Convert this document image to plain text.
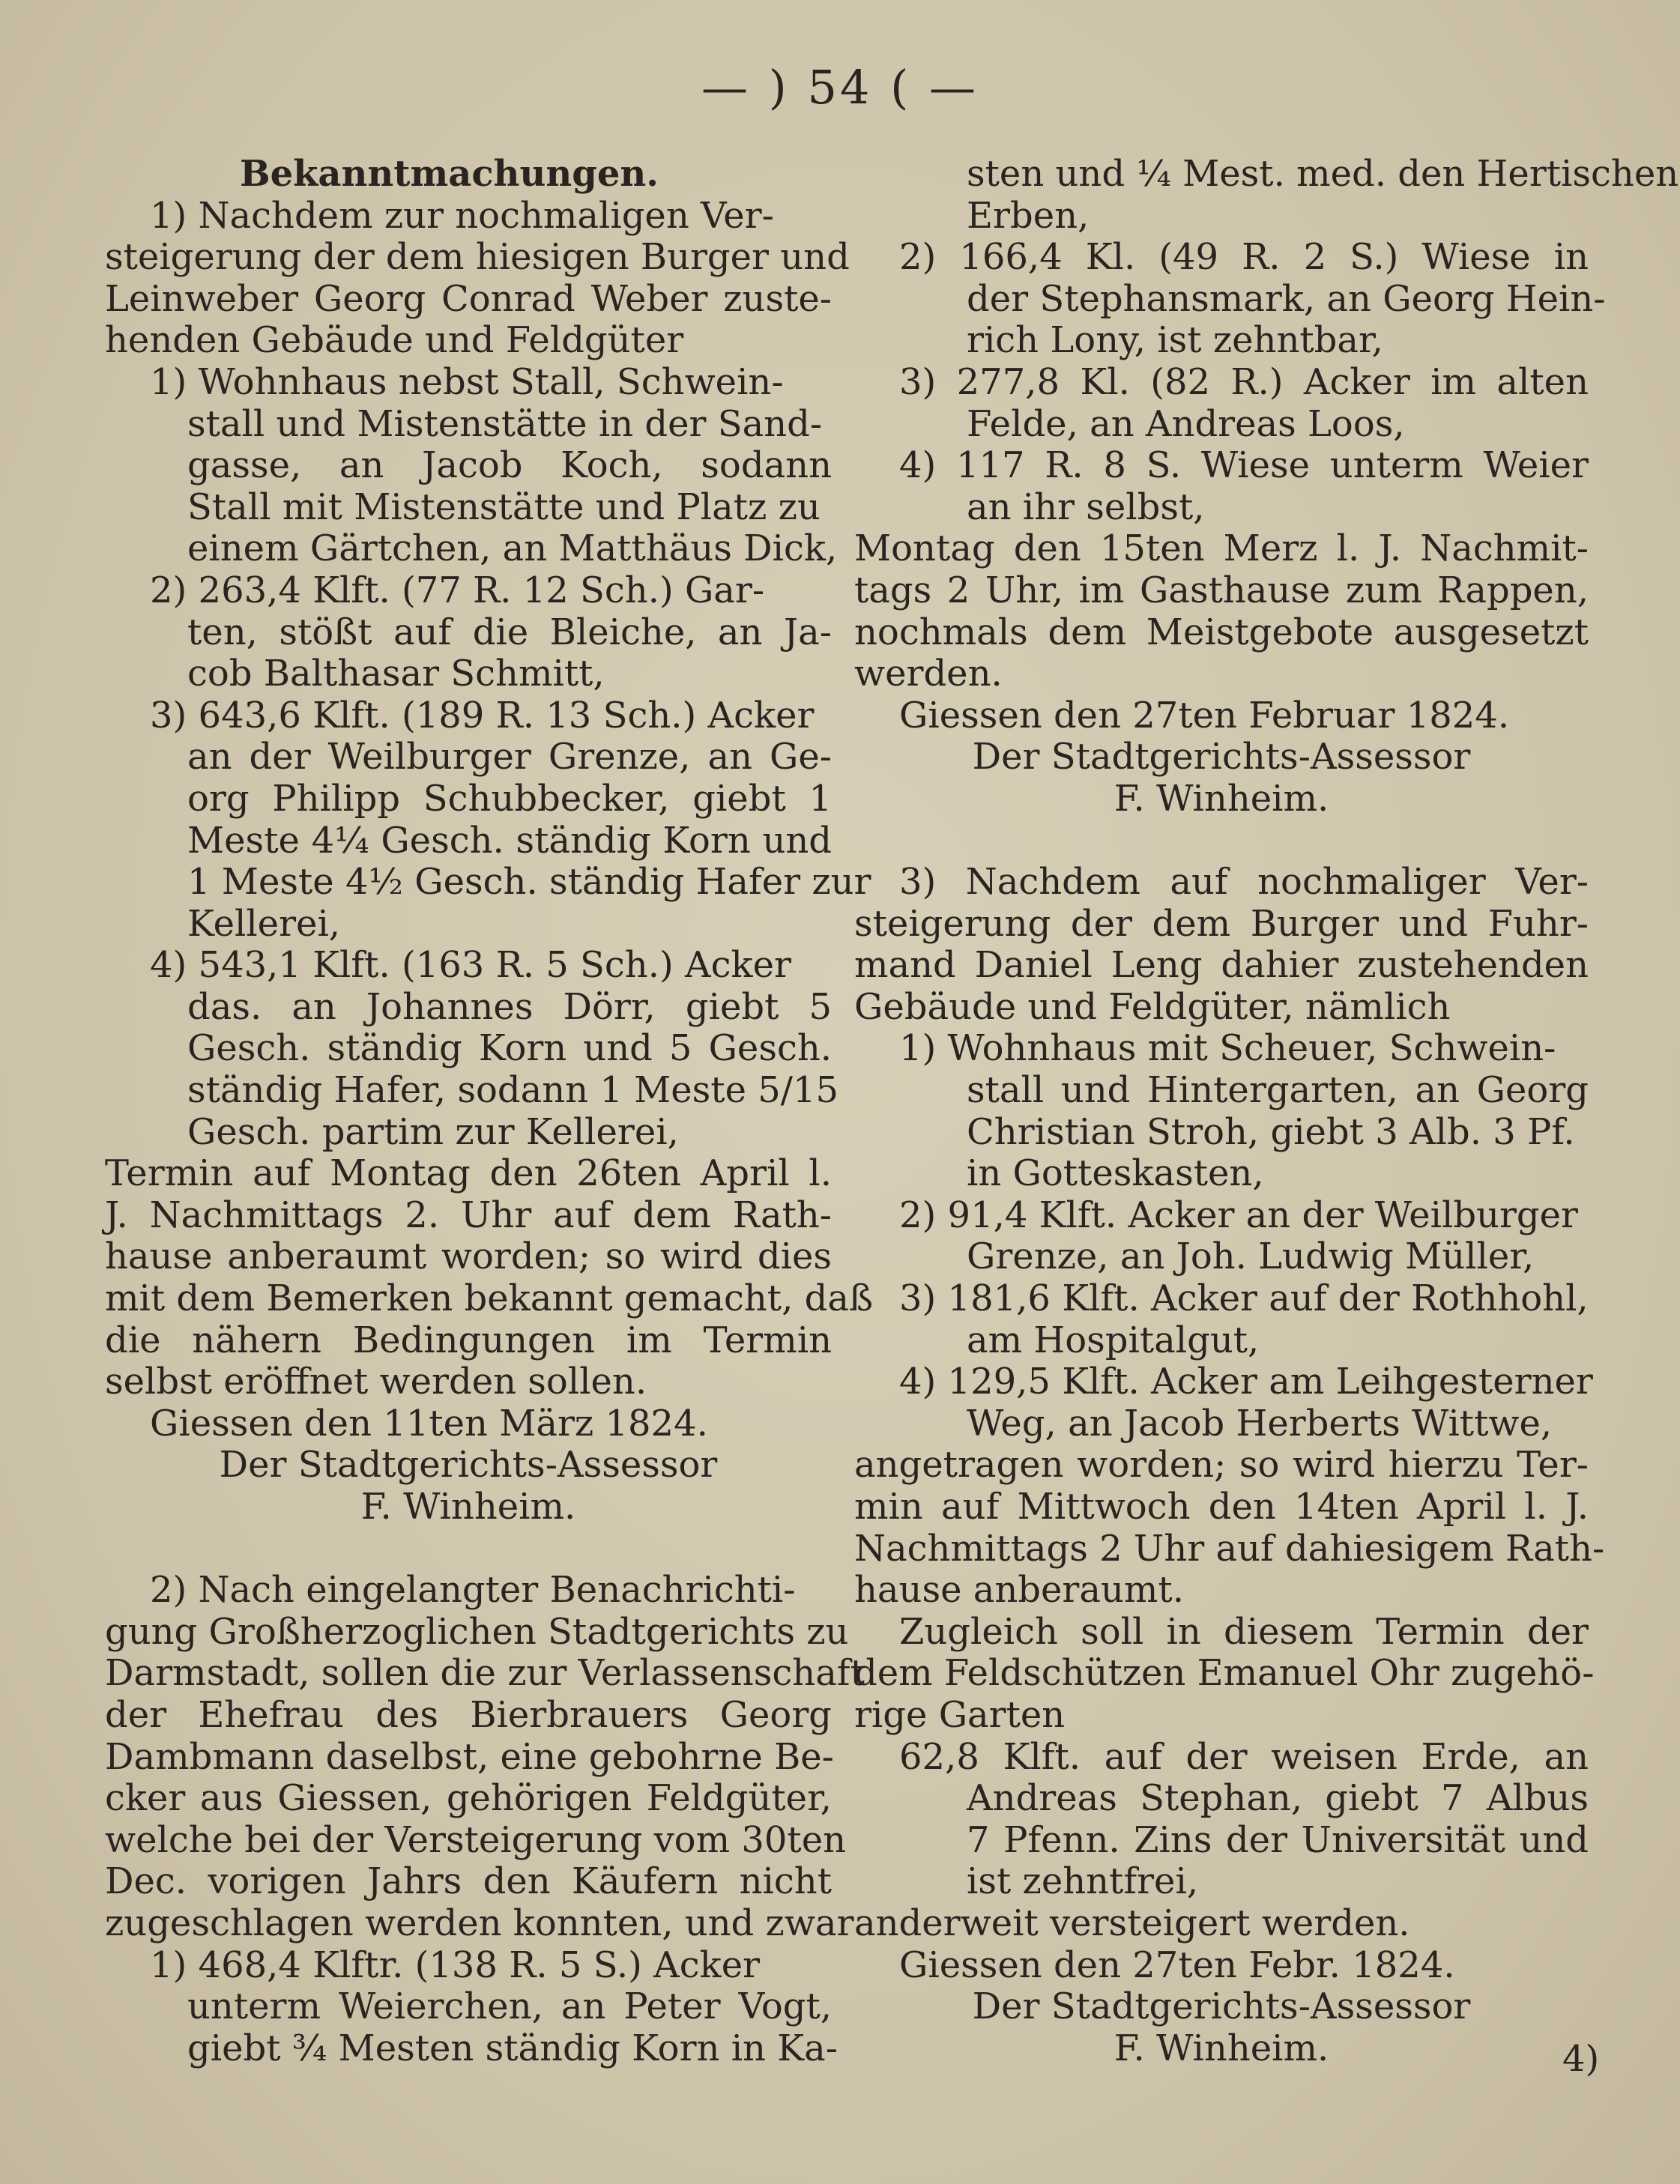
— ) 54 ( —
Bekanntmachungen.
1) Nachdem zur nochmaligen Ver-
steigerung der dem hiesigen Burger und
Leinweber Georg Conrad Weber zuste-
henden Gebäude und Feldgüter
1) Wohnhaus nebst Stall, Schwein-
stall und Mistenstätte in der Sand-
gasse, an Jacob Koch, sodann
Stall mit Mistenstätte und Platz zu
einem Gärtchen, an Matthäus Dick,
2) 263,4 Klft. (77 R. 12 Sch.) Gar-
ten, stößt auf die Bleiche, an Ja-
cob Balthasar Schmitt,
3) 643,6 Klft. (189 R. 13 Sch.) Acker
an der Weilburger Grenze, an Ge-
org Philipp Schubbecker, giebt 1
Meste 4¼ Gesch. ständig Korn und
1 Meste 4½ Gesch. ständig Hafer zur
Kellerei,
4) 543,1 Klft. (163 R. 5 Sch.) Acker
das. an Johannes Dörr, giebt 5
Gesch. ständig Korn und 5 Gesch.
ständig Hafer, sodann 1 Meste 5/15
Gesch. partim zur Kellerei,
Termin auf Montag den 26ten April l.
J. Nachmittags 2. Uhr auf dem Rath-
hause anberaumt worden; so wird dies
mit dem Bemerken bekannt gemacht, daß
die nähern Bedingungen im Termin
selbst eröffnet werden sollen.
Giessen den 11ten März 1824.
Der Stadtgerichts-Assessor
F. Winheim.
2) Nach eingelangter Benachrichti-
gung Großherzoglichen Stadtgerichts zu
Darmstadt, sollen die zur Verlassenschaft
der Ehefrau des Bierbrauers Georg
Dambmann daselbst, eine gebohrne Be-
cker aus Giessen, gehörigen Feldgüter,
welche bei der Versteigerung vom 30ten
Dec. vorigen Jahrs den Käufern nicht
zugeschlagen werden konnten, und zwar
1) 468,4 Klftr. (138 R. 5 S.) Acker
unterm Weierchen, an Peter Vogt,
giebt ¾ Mesten ständig Korn in Ka-
sten und ¼ Mest. med. den Hertischen
Erben,
2) 166,4 Kl. (49 R. 2 S.) Wiese in
der Stephansmark, an Georg Hein-
rich Lony, ist zehntbar,
3) 277,8 Kl. (82 R.) Acker im alten
Felde, an Andreas Loos,
4) 117 R. 8 S. Wiese unterm Weier
an ihr selbst,
Montag den 15ten Merz l. J. Nachmit-
tags 2 Uhr, im Gasthause zum Rappen,
nochmals dem Meistgebote ausgesetzt
werden.
Giessen den 27ten Februar 1824.
Der Stadtgerichts-Assessor
F. Winheim.
3) Nachdem auf nochmaliger Ver-
steigerung der dem Burger und Fuhr-
mand Daniel Leng dahier zustehenden
Gebäude und Feldgüter, nämlich
1) Wohnhaus mit Scheuer, Schwein-
stall und Hintergarten, an Georg
Christian Stroh, giebt 3 Alb. 3 Pf.
in Gotteskasten,
2) 91,4 Klft. Acker an der Weilburger
Grenze, an Joh. Ludwig Müller,
3) 181,6 Klft. Acker auf der Rothhohl,
am Hospitalgut,
4) 129,5 Klft. Acker am Leihgesterner
Weg, an Jacob Herberts Wittwe,
angetragen worden; so wird hierzu Ter-
min auf Mittwoch den 14ten April l. J.
Nachmittags 2 Uhr auf dahiesigem Rath-
hause anberaumt.
Zugleich soll in diesem Termin der
dem Feldschützen Emanuel Ohr zugehö-
rige Garten
62,8 Klft. auf der weisen Erde, an
Andreas Stephan, giebt 7 Albus
7 Pfenn. Zins der Universität und
ist zehntfrei,
anderweit versteigert werden.
Giessen den 27ten Febr. 1824.
Der Stadtgerichts-Assessor
F. Winheim.	4)
